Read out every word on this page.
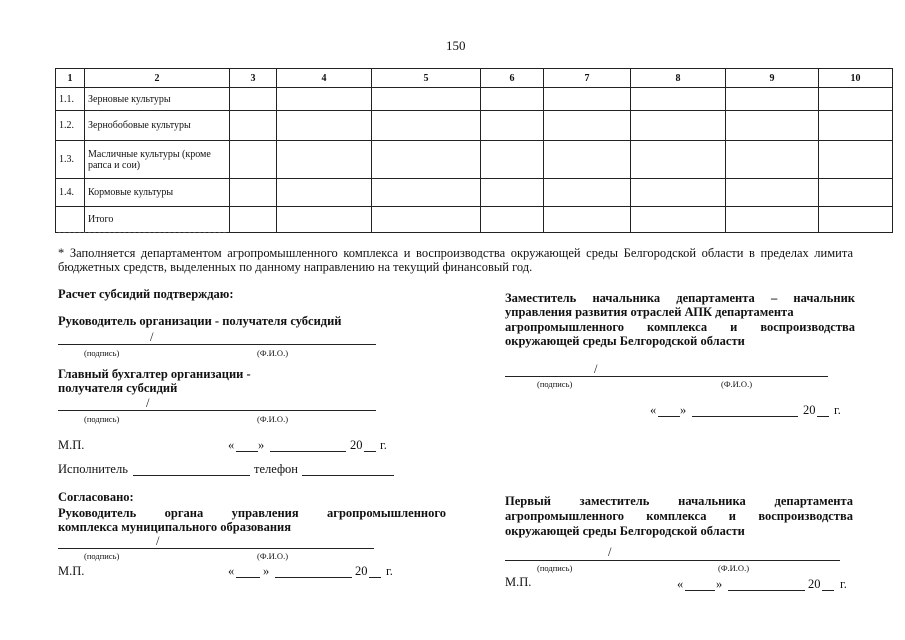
150
1	2	3	4	5	6	7	8	9	10
1.1.	Зерновые культуры								
1.2.	Зернобобовые культуры								
1.3.	Масличные культуры (кроме рапса и сои)								
1.4.	Кормовые культуры								
	Итого								
* Заполняется департаментом агропромышленного комплекса и воспроизводства окружающей среды Белгородской области в пределах лимита бюджетных средств, выделенных по данному направлению на текущий финансовый год.
Расчет субсидий подтверждаю:
Руководитель организации - получателя субсидий
/
(подпись)	(Ф.И.О.)
Главный бухгалтер организации -
получателя субсидий
/
(подпись)	(Ф.И.О.)
М.П.	« »	20 г.
Исполнитель	телефон
Согласовано:
Руководитель органа управления агропромышленного
комплекса муниципального образования
/
(подпись)	(Ф.И.О.)
М.П.	« »	20 г.
Заместитель начальника департамента – начальник
управления развития отраслей АПК департамента
агропромышленного комплекса и воспроизводства
окружающей среды Белгородской области
/
(подпись)	(Ф.И.О.)
« »	20 г.
Первый заместитель начальника департамента
агропромышленного комплекса и воспроизводства
окружающей среды Белгородской области
/
(подпись)	(Ф.И.О.)
М.П.	«	»	20 г.
